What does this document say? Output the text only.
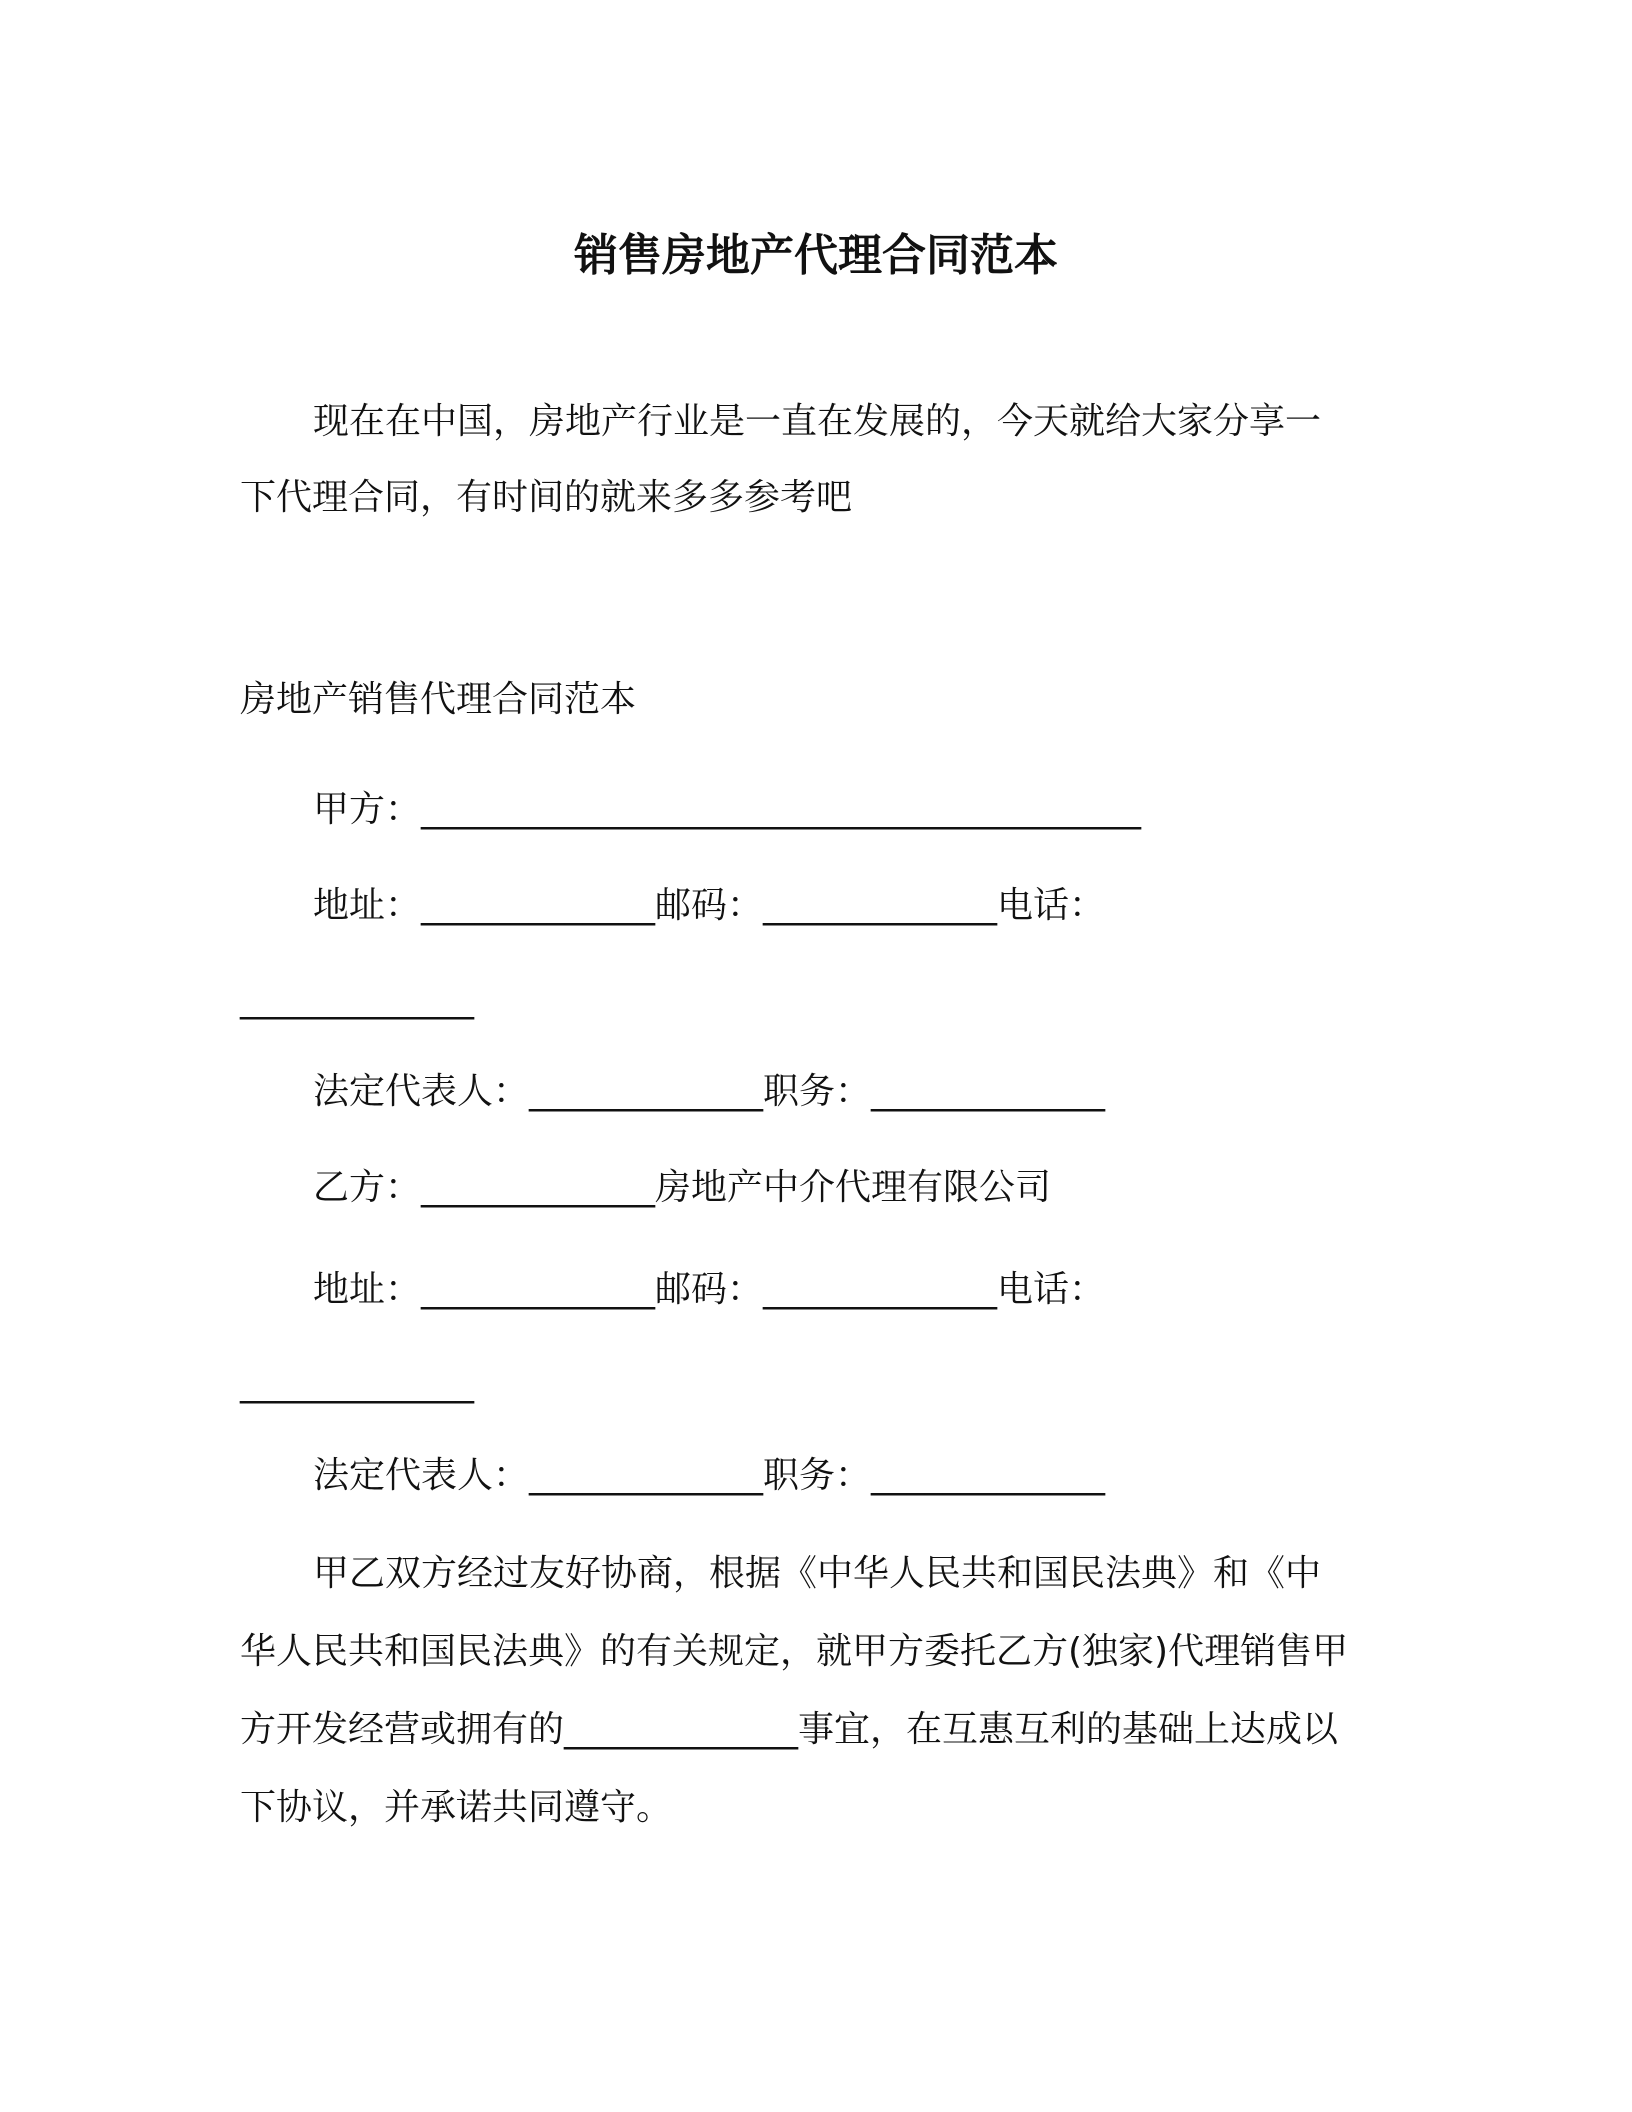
销售房地产代理合同范本
现在在中国，房地产行业是一直在发展的，今天就给大家分享一
下代理合同，有时间的就来多多参考吧
房地产销售代理合同范本
甲方：________________________________________
地址：_____________邮码：_____________电话：
_____________
法定代表人：_____________职务：_____________
乙方：_____________房地产中介代理有限公司
地址：_____________邮码：_____________电话：
_____________
法定代表人：_____________职务：_____________
甲乙双方经过友好协商，根据《中华人民共和国民法典》和《中
华人民共和国民法典》的有关规定，就甲方委托乙方(独家)代理销售甲
方开发经营或拥有的_____________事宜，在互惠互利的基础上达成以
下协议，并承诺共同遵守。
